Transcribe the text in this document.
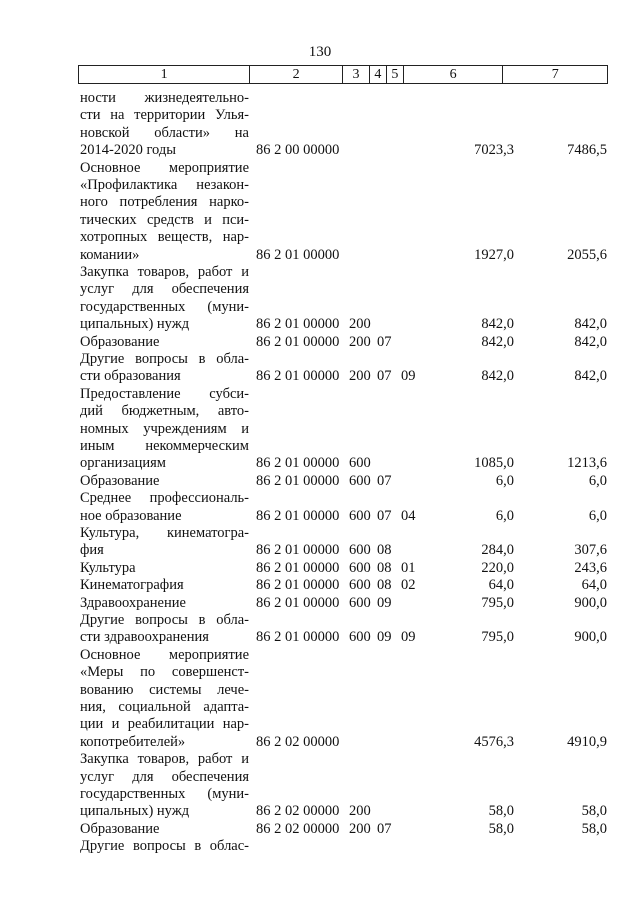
130
1	2	3	4 5	6	7
ности жизнедеятельно-
сти на территории Улья-
новской области» на
2014-2020 годы	86 2 00 00000	7023,3	7486,5
Основное мероприятие
«Профилактика незакон-
ного потребления нарко-
тических средств и пси-
хотропных веществ, нар-
комании»	86 2 01 00000	1927,0	2055,6
Закупка товаров, работ и
услуг для обеспечения
государственных (муни-
ципальных) нужд	86 2 01 00000 200	842,0	842,0
Образование	86 2 01 00000 200 07	842,0	842,0
Другие вопросы в обла-
сти образования	86 2 01 00000 200 07 09	842,0	842,0
Предоставление субси-
дий бюджетным, авто-
номных учреждениям и
иным некоммерческим
организациям	86 2 01 00000 600	1085,0	1213,6
Образование	86 2 01 00000 600 07	6,0	6,0
Среднее профессиональ-
ное образование	86 2 01 00000 600 07 04	6,0	6,0
Культура, кинематогра-
фия	86 2 01 00000 600 08	284,0	307,6
Культура	86 2 01 00000 600 08 01	220,0	243,6
Кинематография	86 2 01 00000 600 08 02	64,0	64,0
Здравоохранение	86 2 01 00000 600 09	795,0	900,0
Другие вопросы в обла-
сти здравоохранения	86 2 01 00000 600 09 09	795,0	900,0
Основное мероприятие
«Меры по совершенст-
вованию системы лече-
ния, социальной адапта-
ции и реабилитации нар-
копотребителей»	86 2 02 00000	4576,3	4910,9
Закупка товаров, работ и
услуг для обеспечения
государственных (муни-
ципальных) нужд	86 2 02 00000 200	58,0	58,0
Образование	86 2 02 00000 200 07	58,0	58,0
Другие вопросы в облас-
